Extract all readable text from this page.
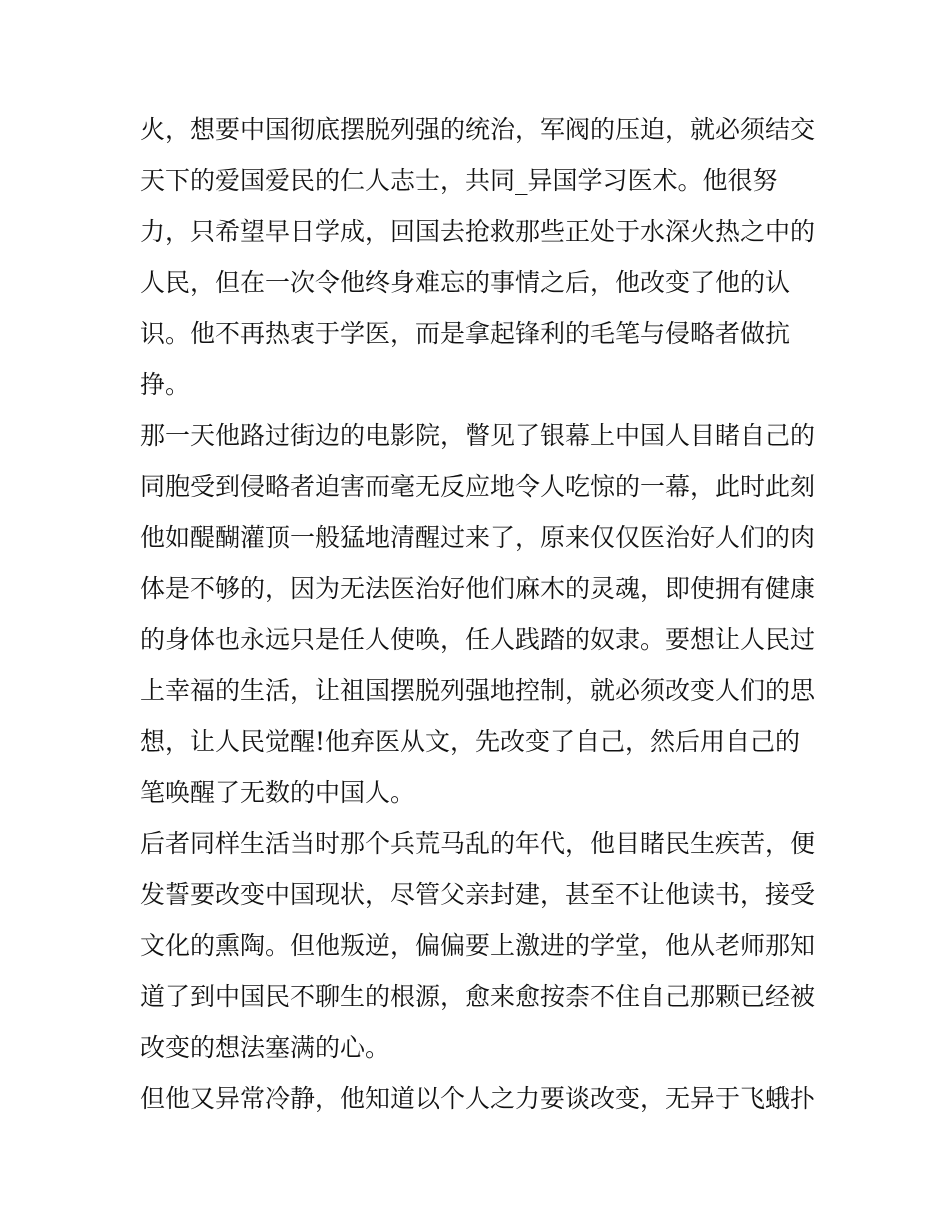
火，想要中国彻底摆脱列强的统治，军阀的压迫，就必须结交
天下的爱国爱民的仁人志士，共同_异国学习医术。他很努
力，只希望早日学成，回国去抢救那些正处于水深火热之中的
人民，但在一次令他终身难忘的事情之后，他改变了他的认
识。他不再热衷于学医，而是拿起锋利的毛笔与侵略者做抗
挣。
那一天他路过街边的电影院，瞥见了银幕上中国人目睹自己的
同胞受到侵略者迫害而毫无反应地令人吃惊的一幕，此时此刻
他如醍醐灌顶一般猛地清醒过来了，原来仅仅医治好人们的肉
体是不够的，因为无法医治好他们麻木的灵魂，即使拥有健康
的身体也永远只是任人使唤，任人践踏的奴隶。要想让人民过
上幸福的生活，让祖国摆脱列强地控制，就必须改变人们的思
想，让人民觉醒!他弃医从文，先改变了自己，然后用自己的
笔唤醒了无数的中国人。
后者同样生活当时那个兵荒马乱的年代，他目睹民生疾苦，便
发誓要改变中国现状，尽管父亲封建，甚至不让他读书，接受
文化的熏陶。但他叛逆，偏偏要上激进的学堂，他从老师那知
道了到中国民不聊生的根源，愈来愈按柰不住自己那颗已经被
改变的想法塞满的心。
但他又异常冷静，他知道以个人之力要谈改变，无异于飞蛾扑
